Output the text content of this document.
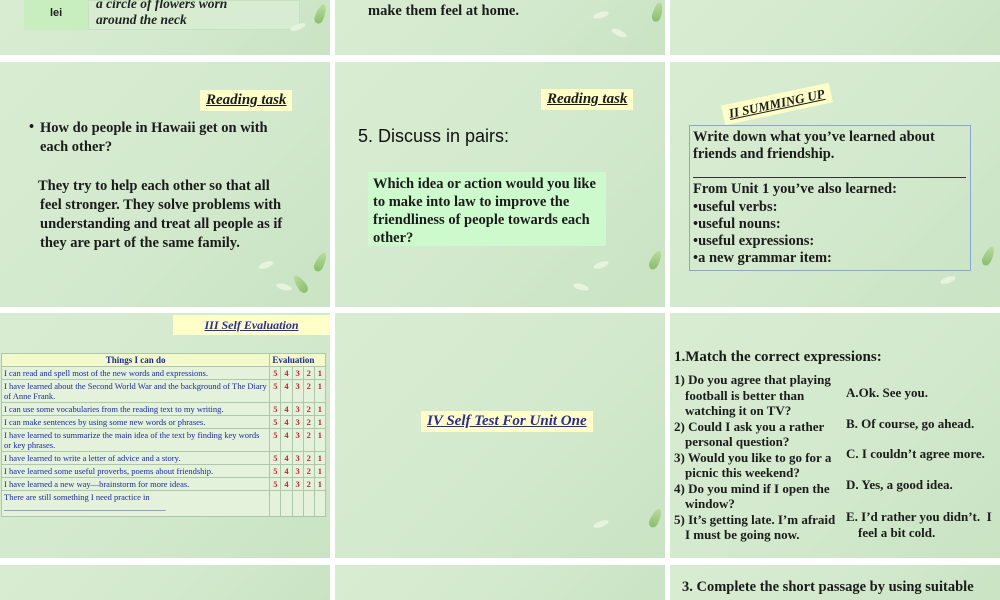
lei
a circle of flowers worn
around the neck
make them feel at home.
Reading task
• How do people in Hawaii get on with
each other?
They try to help each other so that all
feel stronger. They solve problems with
understanding and treat all people as if
they are part of the same family.
Reading task
5. Discuss in pairs:
Which idea or action would you like
to make into law to improve the
friendliness of people towards each
other?
II SUMMING UP
Write down what you’ve learned about
friends and friendship.
From Unit 1 you’ve also learned:
•useful verbs:
•useful nouns:
•useful expressions:
•a new grammar item:
III Self Evaluation
Things I can do	Evaluation				
I can read and spell most of the new words and expressions.	5	4	3	2	1
I have learned about the Second World War and the background of The Diary of Anne Frank.	5	4	3	2	1
I can use some vocabularies from the reading text to my writing.	5	4	3	2	1
I can make sentences by using some new words or phrases.	5	4	3	2	1
I have learned to summarize the main idea of the text by finding key words or key phrases.	5	4	3	2	1
I have learned to write a letter of advice and a story.	5	4	3	2	1
I have learned some useful proverbs, poems about friendship.	5	4	3	2	1
I have learned a new way—brainstorm for more ideas.	5	4	3	2	1

There are still something I need practice in
______________________________________					

IV Self Test For Unit One
1.Match the correct expressions:
1) Do you agree that playing
football is better than
watching it on TV?
2) Could I ask you a rather
personal question?
3) Would you like to go for a
picnic this weekend?
4) Do you mind if I open the
window?
5) It’s getting late. I’m afraid
I must be going now.
A.Ok. See you.
B. Of course, go ahead.
C. I couldn’t agree more.
D. Yes, a good idea.
E. I’d rather you didn’t.  I
feel a bit cold.
3. Complete the short passage by using suitable
